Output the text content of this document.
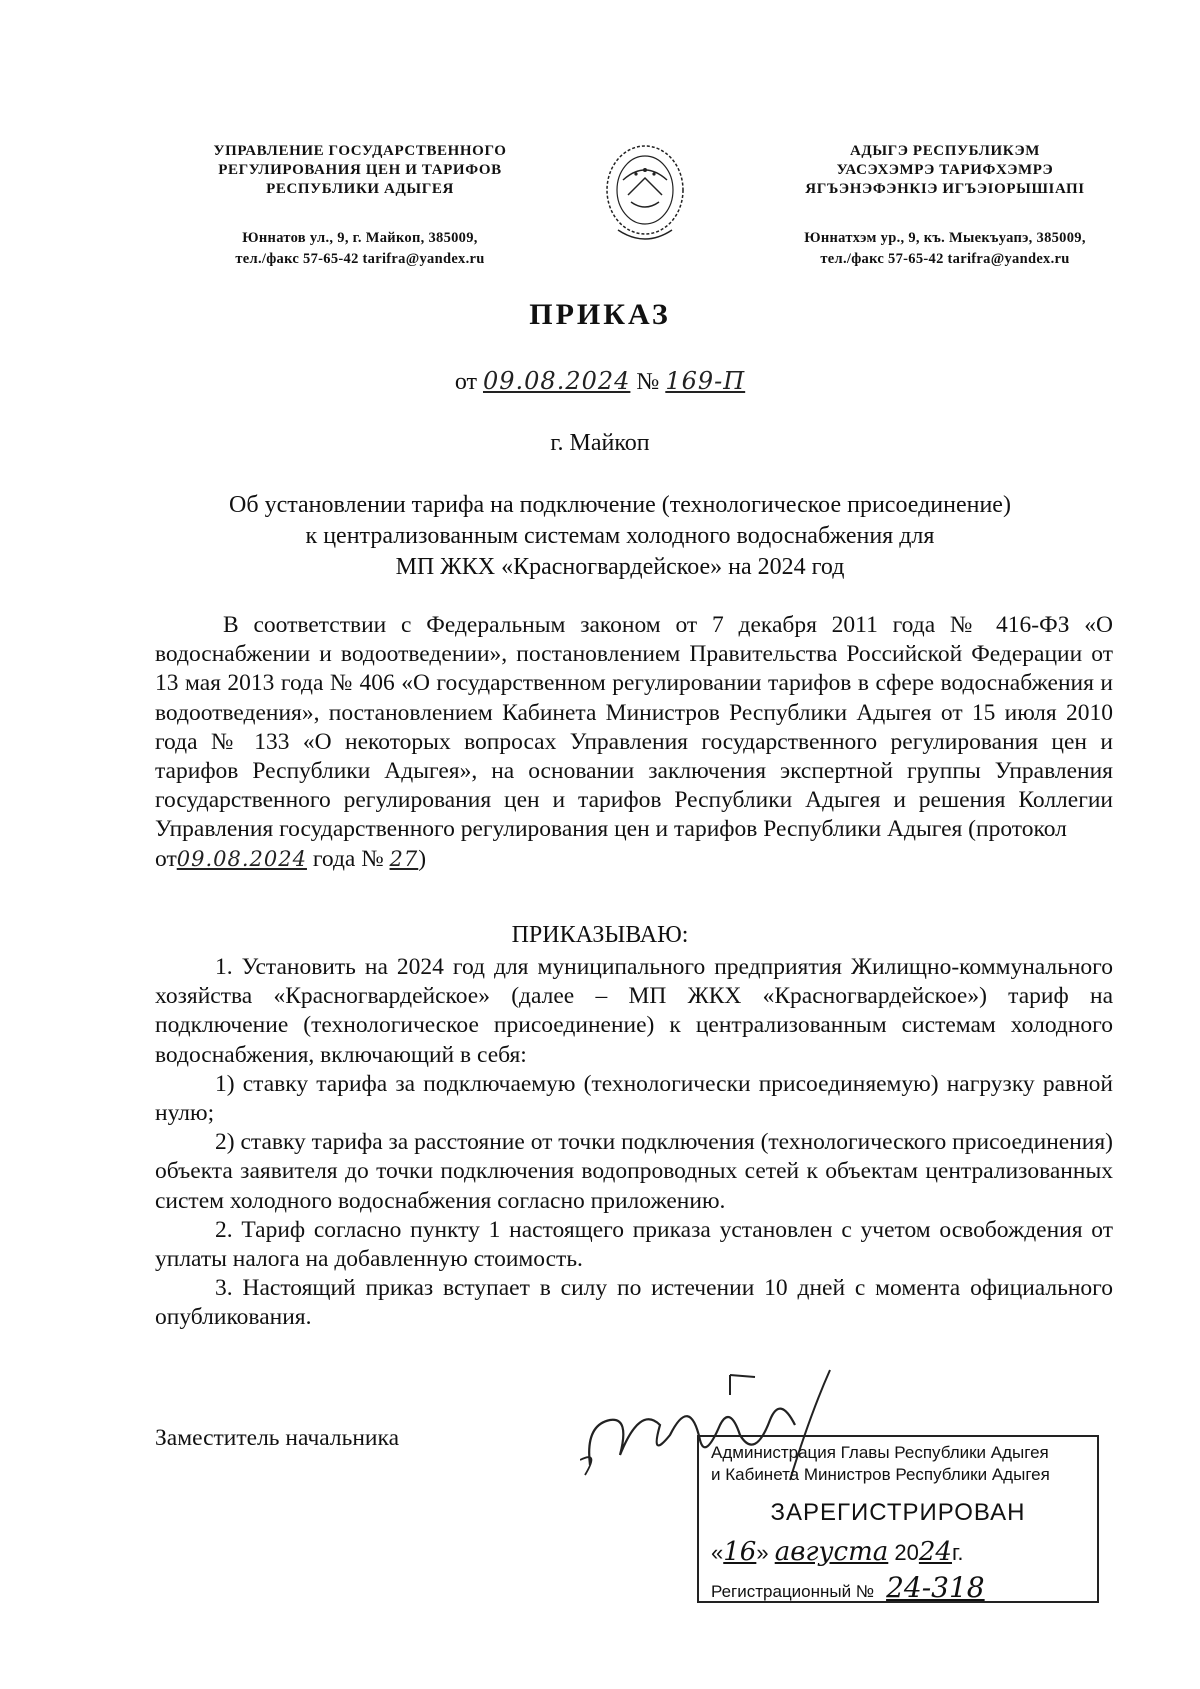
УПРАВЛЕНИЕ ГОСУДАРСТВЕННОГО
РЕГУЛИРОВАНИЯ ЦЕН И ТАРИФОВ
РЕСПУБЛИКИ АДЫГЕЯ
Юннатов ул., 9, г. Майкоп, 385009,
тел./факс 57-65-42 tarifra@yandex.ru
АДЫГЭ РЕСПУБЛИКЭМ
УАСЭХЭМРЭ ТАРИФХЭМРЭ
ЯГЪЭНЭФЭНКIЭ ИГЪЭIОРЫШIАПI
Юннатхэм ур., 9, къ. Мыекъуапэ, 385009,
тел./факс 57-65-42 tarifra@yandex.ru
ПРИКАЗ
от 09.08.2024 № 169-П
г. Майкоп
Об установлении тарифа на подключение (технологическое присоединение)
к централизованным системам холодного водоснабжения для
МП ЖКХ «Красногвардейское» на 2024 год
В соответствии с Федеральным законом от 7 декабря 2011 года № 416-ФЗ «О водоснабжении и водоотведении», постановлением Правительства Российской Федерации от 13 мая 2013 года № 406 «О государственном регулировании тарифов в сфере водоснабжения и водоотведения», постановлением Кабинета Министров Республики Адыгея от 15 июля 2010 года № 133 «О некоторых вопросах Управления государственного регулирования цен и тарифов Республики Адыгея», на основании заключения экспертной группы Управления государственного регулирования цен и тарифов Республики Адыгея и решения Коллегии Управления государственного регулирования цен и тарифов Республики Адыгея (протокол
от09.08.2024 года № 27)
ПРИКАЗЫВАЮ:

1. Установить на 2024 год для муниципального предприятия Жилищно-коммунального хозяйства «Красногвардейское» (далее – МП ЖКХ «Красногвардейское») тариф на подключение (технологическое присоединение) к централизованным системам холодного водоснабжения, включающий в себя:

1) ставку тарифа за подключаемую (технологически присоединяемую) нагрузку равной нулю;

2) ставку тарифа за расстояние от точки подключения (технологического присоединения) объекта заявителя до точки подключения водопроводных сетей к объектам централизованных систем холодного водоснабжения согласно приложению.

2. Тариф согласно пункту 1 настоящего приказа установлен с учетом освобождения от уплаты налога на добавленную стоимость.

3. Настоящий приказ вступает в силу по истечении 10 дней с момента официального опубликования.

Заместитель начальника
Администрация Главы Республики Адыгея
и Кабинета Министров Республики Адыгея
ЗАРЕГИСТРИРОВАН
«16» августа 2024г.
Регистрационный № 24-318
